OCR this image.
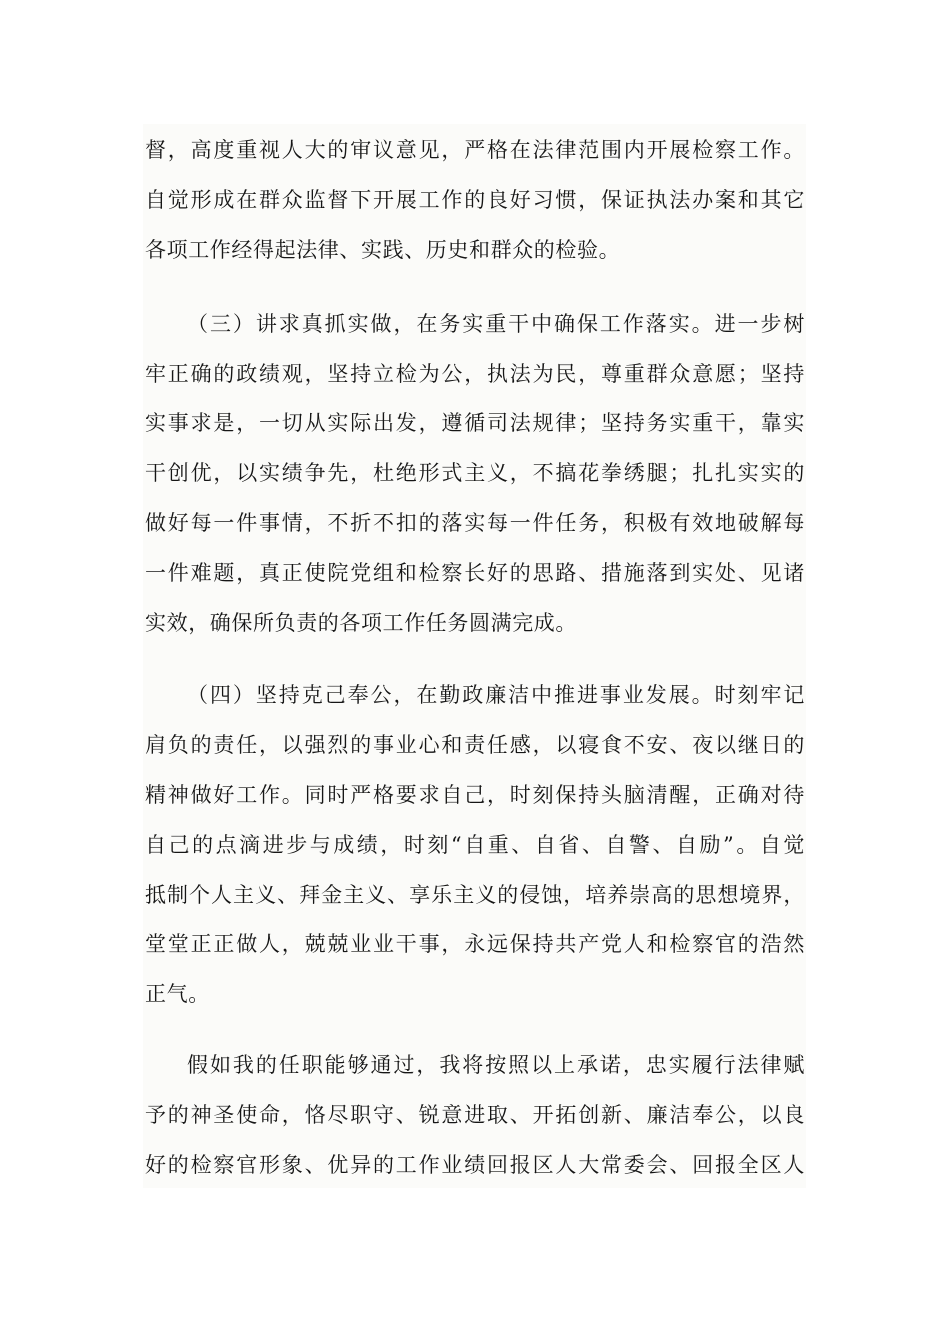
督，高度重视人大的审议意见，严格在法律范围内开展检察工作。
自觉形成在群众监督下开展工作的良好习惯，保证执法办案和其它
各项工作经得起法律、实践、历史和群众的检验。
（三）讲求真抓实做，在务实重干中确保工作落实。进一步树
牢正确的政绩观，坚持立检为公，执法为民，尊重群众意愿；坚持
实事求是，一切从实际出发，遵循司法规律；坚持务实重干，靠实
干创优，以实绩争先，杜绝形式主义，不搞花拳绣腿；扎扎实实的
做好每一件事情，不折不扣的落实每一件任务，积极有效地破解每
一件难题，真正使院党组和检察长好的思路、措施落到实处、见诸
实效，确保所负责的各项工作任务圆满完成。
（四）坚持克己奉公，在勤政廉洁中推进事业发展。时刻牢记
肩负的责任，以强烈的事业心和责任感，以寝食不安、夜以继日的
精神做好工作。同时严格要求自己，时刻保持头脑清醒，正确对待
自己的点滴进步与成绩，时刻“自重、自省、自警、自励”。自觉
抵制个人主义、拜金主义、享乐主义的侵蚀，培养崇高的思想境界，
堂堂正正做人，兢兢业业干事，永远保持共产党人和检察官的浩然
正气。
假如我的任职能够通过，我将按照以上承诺，忠实履行法律赋
予的神圣使命，恪尽职守、锐意进取、开拓创新、廉洁奉公，以良
好的检察官形象、优异的工作业绩回报区人大常委会、回报全区人
